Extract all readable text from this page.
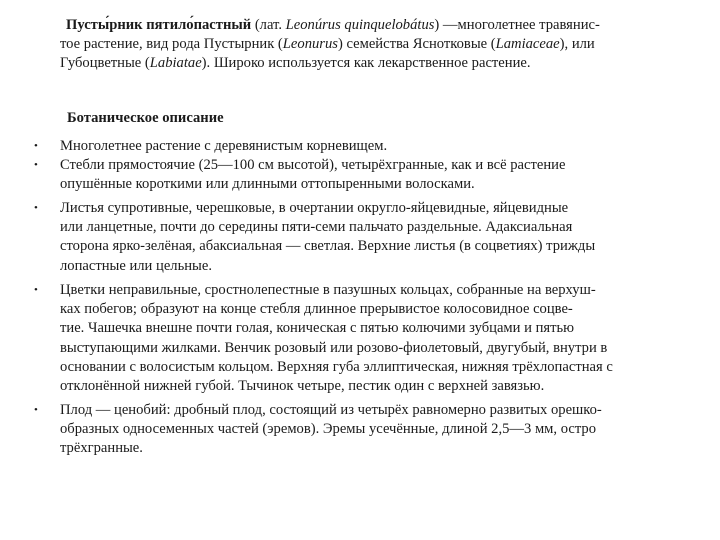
Пусты́рник пятило́пастный (лат. Leonúrus quinquelobátus) —многолетнее травянис-
тое растение, вид рода Пустырник (Leonurus) семейства Яснотковые (Lamiaceae), или
Губоцветные (Labiatae). Широко используется как лекарственное растение.

Ботаническое описание

• Многолетнее растение с деревянистым корневищем.
• Стебли прямостоячие (25—100 см высотой), четырёхгранные, как и всё растение
опушённые короткими или длинными оттопыренными волосками.
• Листья супротивные, черешковые, в очертании округло-яйцевидные, яйцевидные
или ланцетные, почти до середины пяти-семи пальчато раздельные. Адаксиальная
сторона ярко-зелёная, абаксиальная — светлая. Верхние листья (в соцветиях) трижды
лопастные или цельные.
• Цветки неправильные, сростнолепестные в пазушных кольцах, собранные на верхуш-
ках побегов; образуют на конце стебля длинное прерывистое колосовидное соцве-
тие. Чашечка внешне почти голая, коническая с пятью колючими зубцами и пятью
выступающими жилками. Венчик розовый или розово-фиолетовый, двугубый, внутри в
основании с волосистым кольцом. Верхняя губа эллиптическая, нижняя трёхлопастная с
отклонённой нижней губой. Тычинок четыре, пестик один с верхней завязью.
• Плод — ценобий: дробный плод, состоящий из четырёх равномерно развитых орешко-
образных односеменных частей (эремов). Эремы усечённые, длиной 2,5—3 мм, остро
трёхгранные.
